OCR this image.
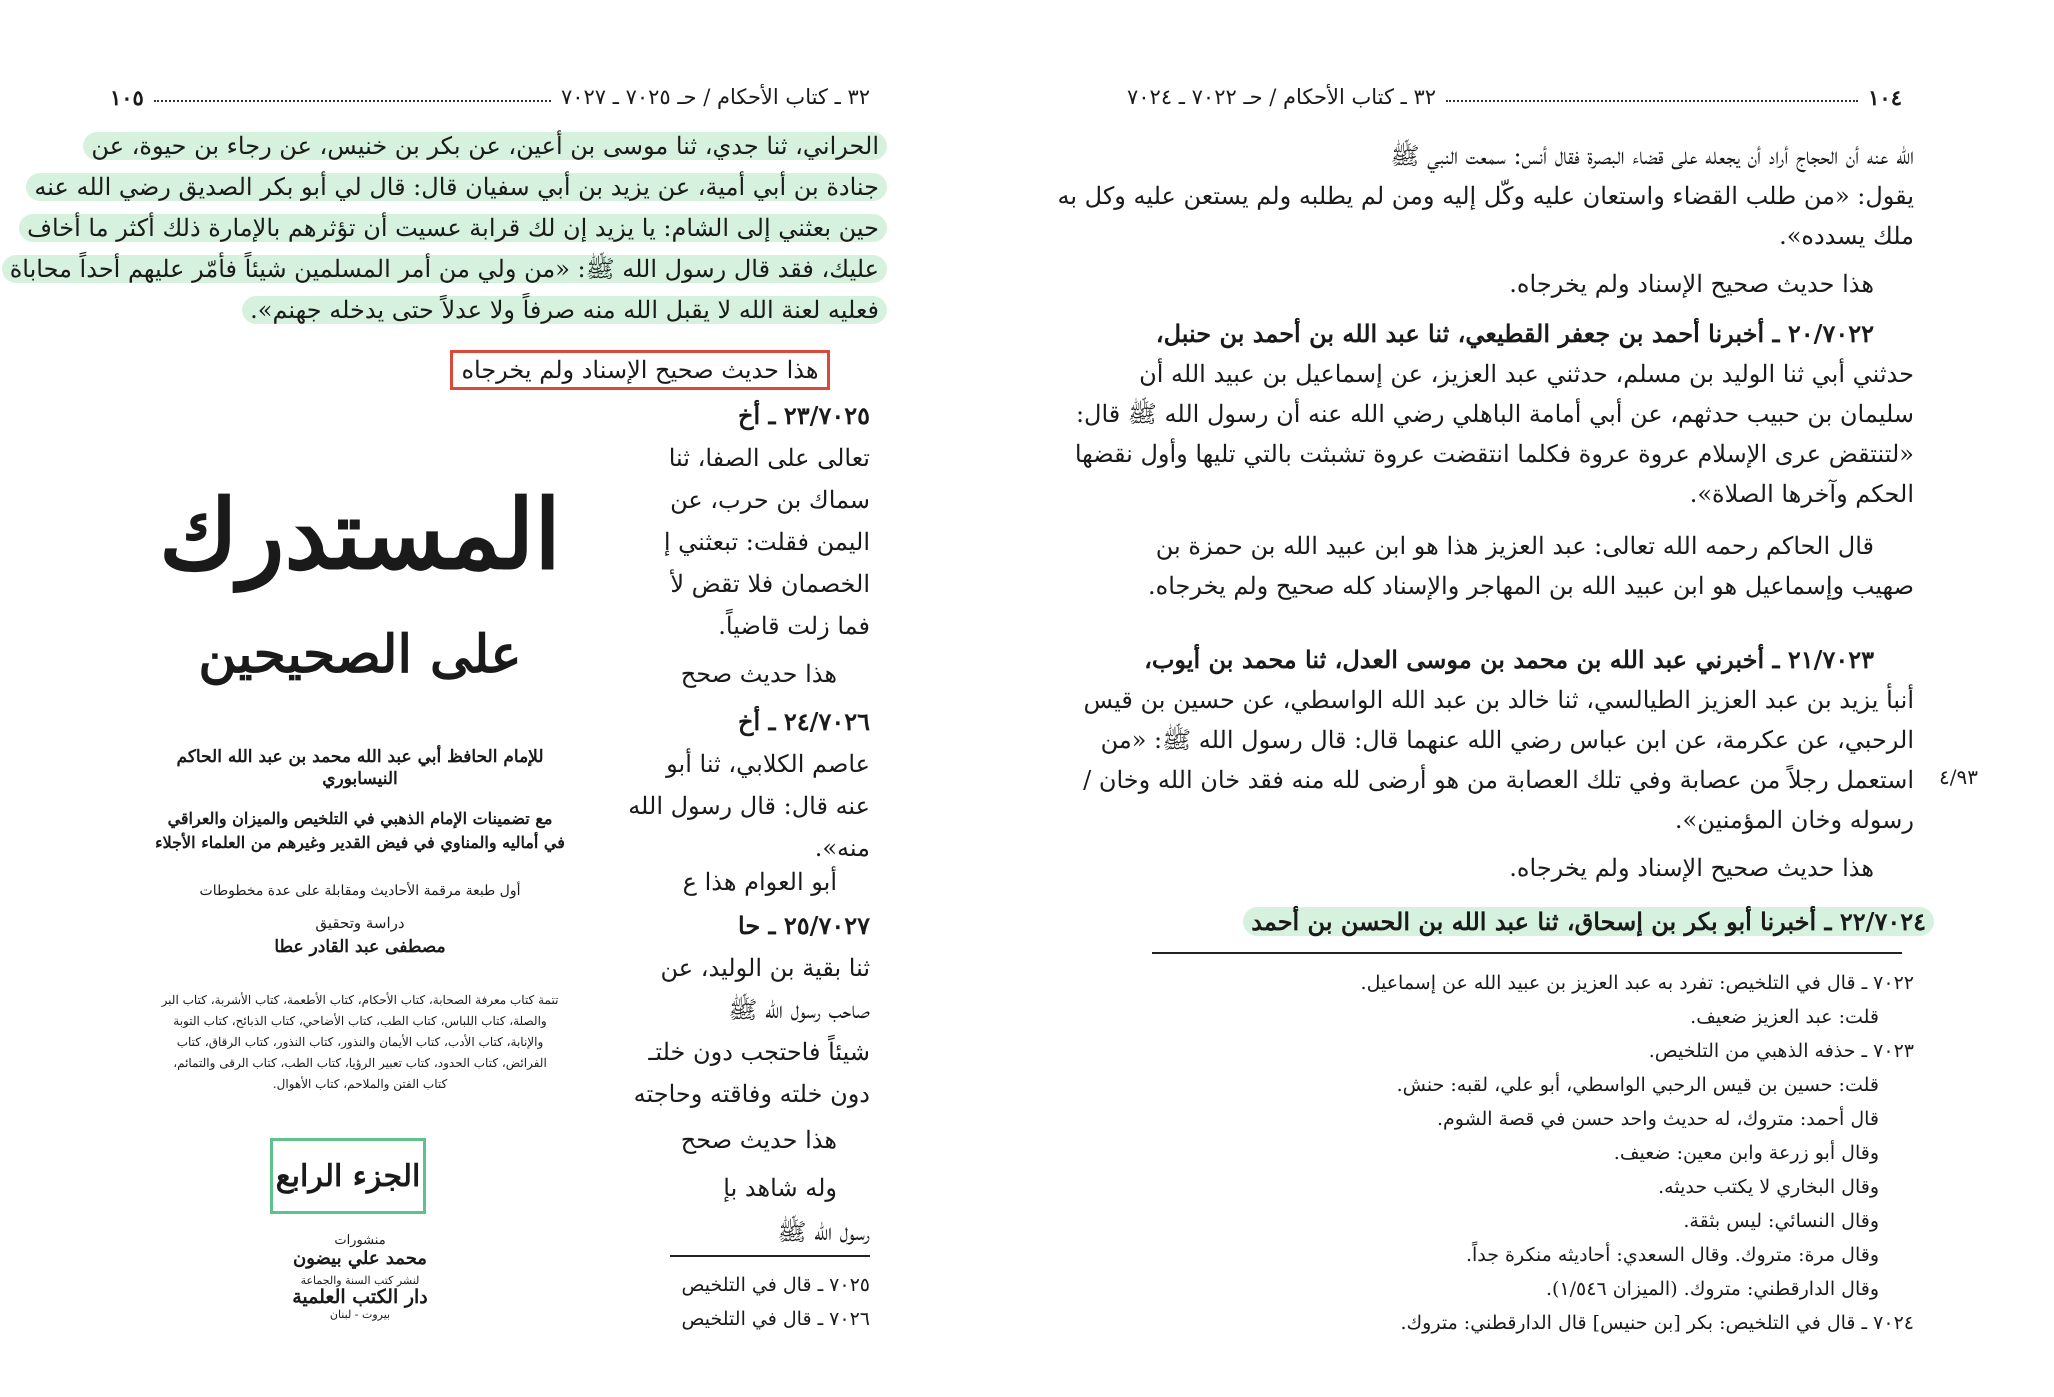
٣٢ ـ كتاب الأحكام / حـ ٧٠٢٥ ـ ٧٠٢٧
١٠٥
الحراني، ثنا جدي، ثنا موسى بن أعين، عن بكر بن خنيس، عن رجاء بن حيوة، عن
جنادة بن أبي أمية، عن يزيد بن أبي سفيان قال: قال لي أبو بكر الصديق رضي الله عنه
حين بعثني إلى الشام: يا يزيد إن لك قرابة عسيت أن تؤثرهم بالإمارة ذلك أكثر ما أخاف
عليك، فقد قال رسول الله ﷺ: «من ولي من أمر المسلمين شيئاً فأمّر عليهم أحداً محاباة
فعليه لعنة الله لا يقبل الله منه صرفاً ولا عدلاً حتى يدخله جهنم».
هذا حديث صحيح الإسناد ولم يخرجاه
٢٣/٧٠٢٥ ـ أخ
تعالى على الصفا، ثنا
سماك بن حرب، عن
اليمن فقلت: تبعثني إ
الخصمان فلا تقض لأ
فما زلت قاضياً.
هذا حديث صحح
٢٤/٧٠٢٦ ـ أخ
عاصم الكلابي، ثنا أبو
عنه قال: قال رسول الله
منه».
أبو العوام هذا ع
٢٥/٧٠٢٧ ـ حا
ثنا بقية بن الوليد، عن
صاحب رسول الله ﷺ
شيئاً فاحتجب دون خلتـ
دون خلته وفاقته وحاجته
هذا حديث صحح
وله شاهد بإ
رسول الله ﷺ
٧٠٢٥ ـ قال في التلخيص
٧٠٢٦ ـ قال في التلخيص
المستدرك
على الصحيحين
للإمام الحافظ أبي عبد الله محمد بن عبد الله الحاكم النيسابوري
مع تضمينات الإمام الذهبي في التلخيص والميزان والعراقي
في أماليه والمناوي في فيض القدير وغيرهم من العلماء الأجلاء
أول طبعة مرقمة الأحاديث ومقابلة على عدة مخطوطات
دراسة وتحقيق
مصطفى عبد القادر عطا
تتمة كتاب معرفة الصحابة، كتاب الأحكام، كتاب الأطعمة، كتاب الأشربة، كتاب البر
والصلة، كتاب اللباس، كتاب الطب، كتاب الأضاحي، كتاب الذبائح، كتاب التوبة
والإنابة، كتاب الأدب، كتاب الأيمان والنذور، كتاب النذور، كتاب الرقاق، كتاب
الفرائض، كتاب الحدود، كتاب تعبير الرؤيا، كتاب الطب، كتاب الرقى والتمائم،
كتاب الفتن والملاحم، كتاب الأهوال.
الجزء الرابع
منشورات
محمد علي بيضون
لنشر كتب السنة والجماعة
دار الكتب العلمية
بيروت - لبنان
١٠٤
٣٢ ـ كتاب الأحكام / حـ ٧٠٢٢ ـ ٧٠٢٤
الله عنه أن الحجاج أراد أن يجعله على قضاء البصرة فقال أنس: سمعت النبي ﷺ
يقول: «من طلب القضاء واستعان عليه وكّل إليه ومن لم يطلبه ولم يستعن عليه وكل به
ملك يسدده».
هذا حديث صحيح الإسناد ولم يخرجاه.
٢٠/٧٠٢٢ ـ أخبرنا أحمد بن جعفر القطيعي، ثنا عبد الله بن أحمد بن حنبل،
حدثني أبي ثنا الوليد بن مسلم، حدثني عبد العزيز، عن إسماعيل بن عبيد الله أن
سليمان بن حبيب حدثهم، عن أبي أمامة الباهلي رضي الله عنه أن رسول الله ﷺ قال:
«لتنتقض عرى الإسلام عروة عروة فكلما انتقضت عروة تشبثت بالتي تليها وأول نقضها
الحكم وآخرها الصلاة».
قال الحاكم رحمه الله تعالى: عبد العزيز هذا هو ابن عبيد الله بن حمزة بن
صهيب وإسماعيل هو ابن عبيد الله بن المهاجر والإسناد كله صحيح ولم يخرجاه.
٢١/٧٠٢٣ ـ أخبرني عبد الله بن محمد بن موسى العدل، ثنا محمد بن أيوب،
أنبأ يزيد بن عبد العزيز الطيالسي، ثنا خالد بن عبد الله الواسطي، عن حسين بن قيس
الرحبي، عن عكرمة، عن ابن عباس رضي الله عنهما قال: قال رسول الله ﷺ: «من
استعمل رجلاً من عصابة وفي تلك العصابة من هو أرضى لله منه فقد خان الله وخان /
رسوله وخان المؤمنين».
هذا حديث صحيح الإسناد ولم يخرجاه.
٢٢/٧٠٢٤ ـ أخبرنا أبو بكر بن إسحاق، ثنا عبد الله بن الحسن بن أحمد
٤/٩٣
٧٠٢٢ ـ قال في التلخيص: تفرد به عبد العزيز بن عبيد الله عن إسماعيل.
قلت: عبد العزيز ضعيف.
٧٠٢٣ ـ حذفه الذهبي من التلخيص.
قلت: حسين بن قيس الرحبي الواسطي، أبو علي، لقبه: حنش.
قال أحمد: متروك، له حديث واحد حسن في قصة الشوم.
وقال أبو زرعة وابن معين: ضعيف.
وقال البخاري لا يكتب حديثه.
وقال النسائي: ليس بثقة.
وقال مرة: متروك. وقال السعدي: أحاديثه منكرة جداً.
وقال الدارقطني: متروك. (الميزان ١/٥٤٦).
٧٠٢٤ ـ قال في التلخيص: بكر [بن حنيس] قال الدارقطني: متروك.
